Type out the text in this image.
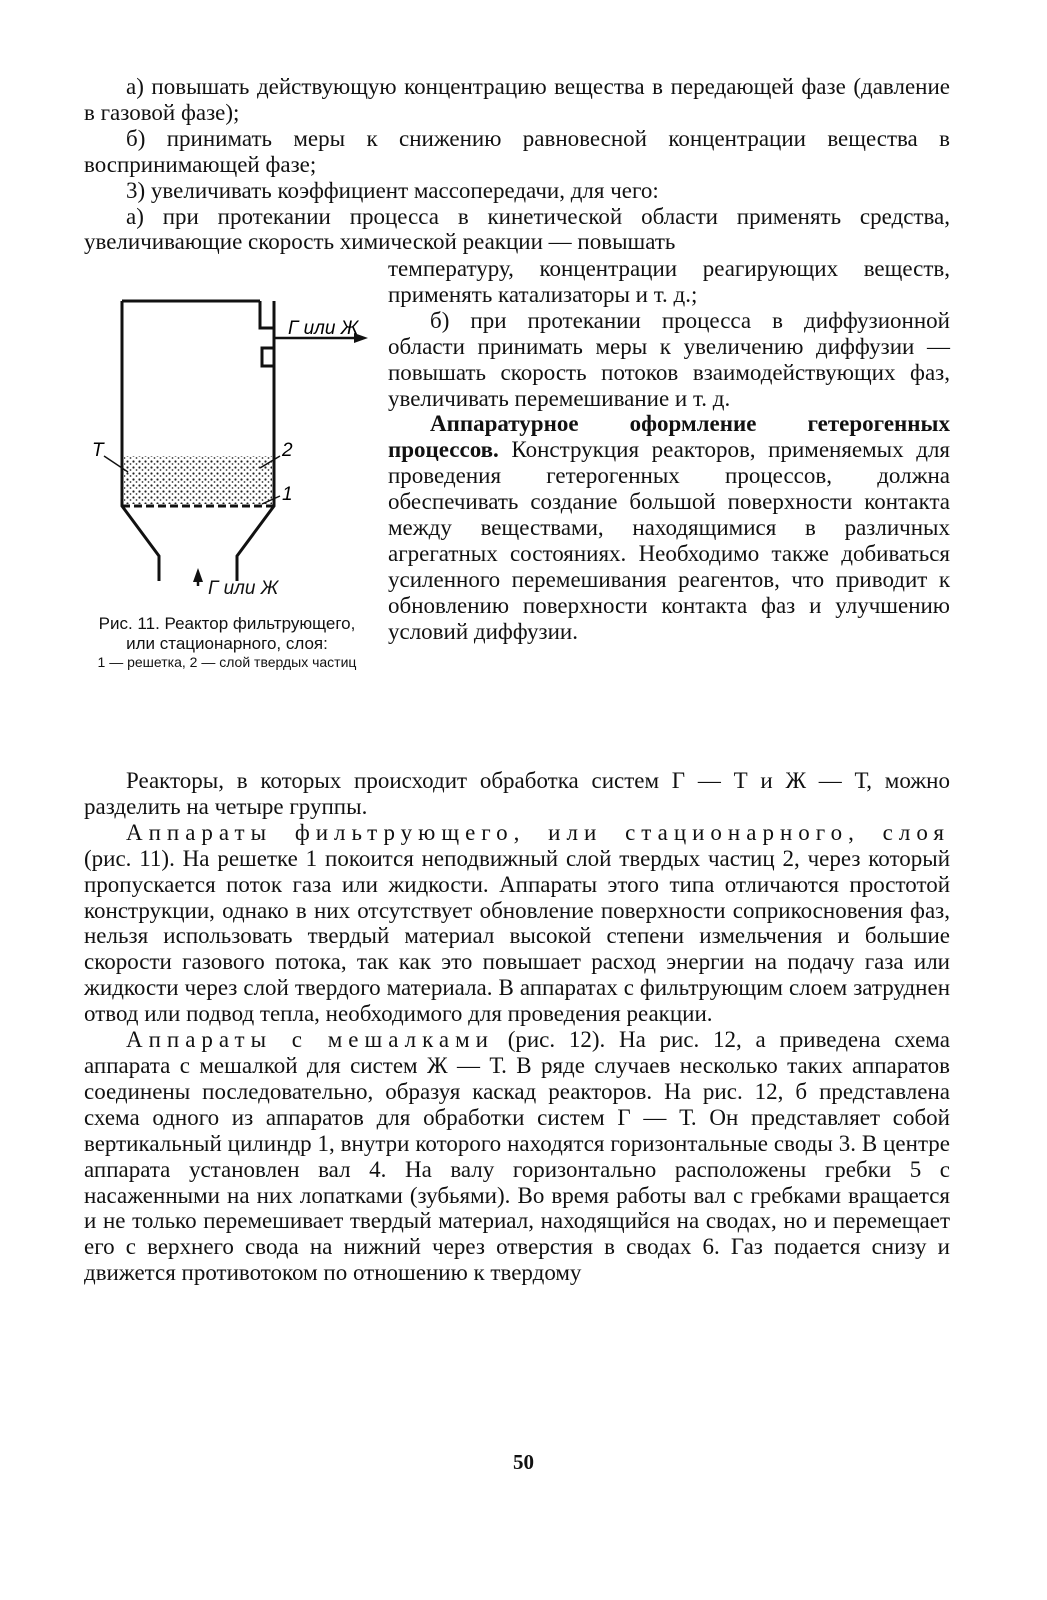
а) повышать действующую концентрацию вещества в передающей фазе (давление в газовой фазе);

б) принимать меры к снижению равновесной концентрации вещества в воспринимающей фазе;

3) увеличивать коэффициент массопередачи, для чего:

а) при протекании процесса в кинетической области применять средства, увеличивающие скорость химической реакции — повышать

Г или Ж
Т	2
1
Г или Ж
Рис. 11. Реактор фильтрующего, или стационарного, слоя:
1 — решетка, 2 — слой твердых частиц

температуру, концентрации реагирующих веществ, применять катализаторы и т. д.;

б) при протекании процесса в диффузионной области принимать меры к увеличению диффузии — повышать скорость потоков взаимодействующих фаз, увеличивать перемешивание и т. д.

Аппаратурное оформление гетерогенных процессов. Конструкция реакторов, применяемых для проведения гетерогенных процессов, должна обеспечивать создание большой поверхности контакта между веществами, находящимися в различных агрегатных состояниях. Необходимо также добиваться усиленного перемешивания реагентов, что приводит к обновлению поверхности контакта фаз и улучшению условий диффузии.

Реакторы, в которых происходит обработка систем Г — Т и Ж — Т, можно разделить на четыре группы.

Аппараты фильтрующего, или стационарного, слоя (рис. 11). На решетке 1 покоится неподвижный слой твердых частиц 2, через который пропускается поток газа или жидкости. Аппараты этого типа отличаются простотой конструкции, однако в них отсутствует обновление поверхности соприкосновения фаз, нельзя использовать твердый материал высокой степени измельчения и большие скорости газового потока, так как это повышает расход энергии на подачу газа или жидкости через слой твердого материала. В аппаратах с фильтрующим слоем затруднен отвод или подвод тепла, необходимого для проведения реакции.

Аппараты с мешалками (рис. 12). На рис. 12, а приведена схема аппарата с мешалкой для систем Ж — Т. В ряде случаев несколько таких аппаратов соединены последовательно, образуя каскад реакторов. На рис. 12, б представлена схема одного из аппаратов для обработки систем Г — Т. Он представляет собой вертикальный цилиндр 1, внутри которого находятся горизонтальные своды 3. В центре аппарата установлен вал 4. На валу горизонтально расположены гребки 5 с насаженными на них лопатками (зубьями). Во время работы вал с гребками вращается и не только перемешивает твердый материал, находящийся на сводах, но и перемещает его с верхнего свода на нижний через отверстия в сводах 6. Газ подается снизу и движется противотоком по отношению к твердому

50
